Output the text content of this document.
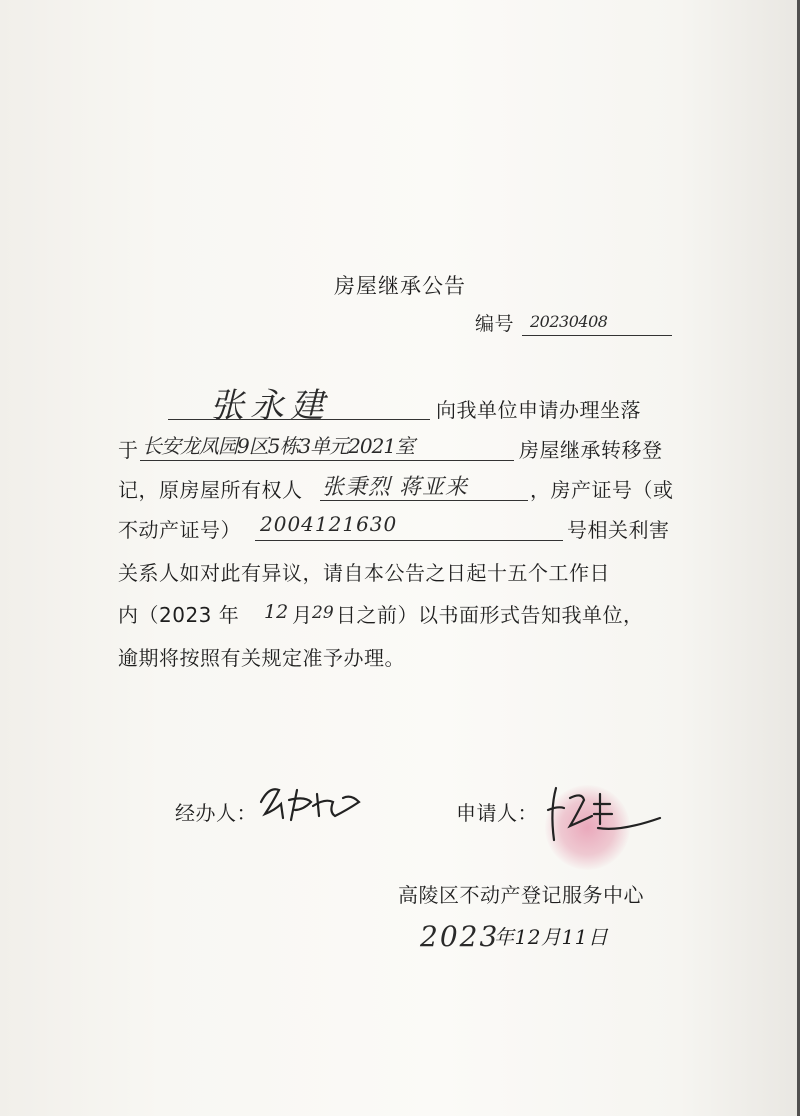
房屋继承公告
编号 20230408
张永建	向我单位申请办理坐落
于 长安龙凤园9区5栋3单元2021室	房屋继承转移登
记，原房屋所有权人 张秉烈 蒋亚来	，房产证号（或
不动产证号） 2004121630	号相关利害
关系人如对此有异议，请自本公告之日起十五个工作日
内（2023 年 12 月 29 日之前）以书面形式告知我单位，
逾期将按照有关规定准予办理。
经办人：	申请人：
高陵区不动产登记服务中心
2023
年12月11日
